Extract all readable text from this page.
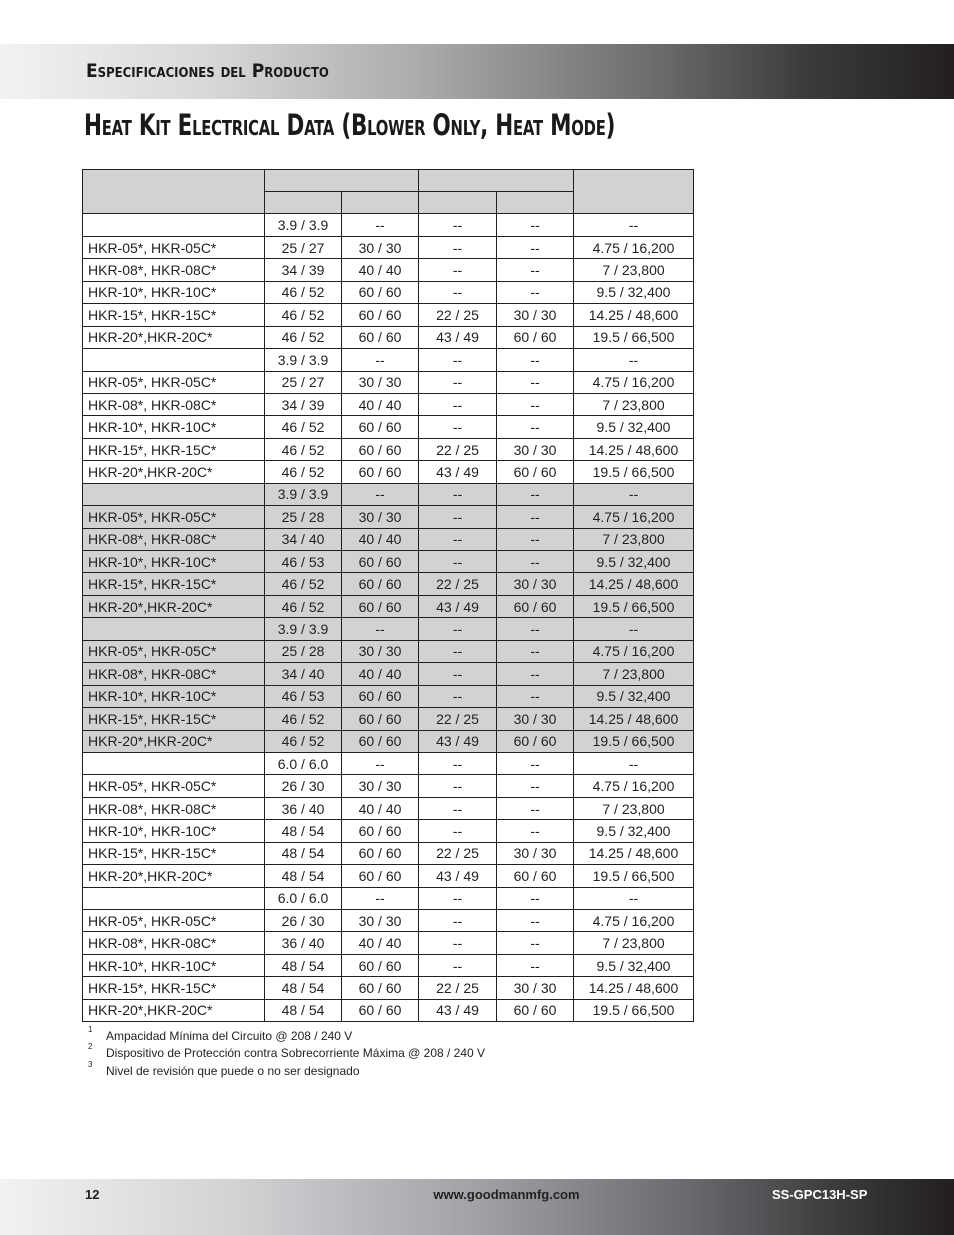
Especificaciones del Producto
Heat Kit Electrical Data (Blower Only, Heat Mode)

	3.9 / 3.9	--	--	--	--
HKR-05*, HKR-05C*	25 / 27	30 / 30	--	--	4.75 / 16,200
HKR-08*, HKR-08C*	34 / 39	40 / 40	--	--	7 / 23,800
HKR-10*, HKR-10C*	46 / 52	60 / 60	--	--	9.5 / 32,400
HKR-15*, HKR-15C*	46 / 52	60 / 60	22 / 25	30 / 30	14.25 / 48,600
HKR-20*,HKR-20C*	46 / 52	60 / 60	43 / 49	60 / 60	19.5 / 66,500
	3.9 / 3.9	--	--	--	--
HKR-05*, HKR-05C*	25 / 27	30 / 30	--	--	4.75 / 16,200
HKR-08*, HKR-08C*	34 / 39	40 / 40	--	--	7 / 23,800
HKR-10*, HKR-10C*	46 / 52	60 / 60	--	--	9.5 / 32,400
HKR-15*, HKR-15C*	46 / 52	60 / 60	22 / 25	30 / 30	14.25 / 48,600
HKR-20*,HKR-20C*	46 / 52	60 / 60	43 / 49	60 / 60	19.5 / 66,500
	3.9 / 3.9	--	--	--	--
HKR-05*, HKR-05C*	25 / 28	30 / 30	--	--	4.75 / 16,200
HKR-08*, HKR-08C*	34 / 40	40 / 40	--	--	7 / 23,800
HKR-10*, HKR-10C*	46 / 53	60 / 60	--	--	9.5 / 32,400
HKR-15*, HKR-15C*	46 / 52	60 / 60	22 / 25	30 / 30	14.25 / 48,600
HKR-20*,HKR-20C*	46 / 52	60 / 60	43 / 49	60 / 60	19.5 / 66,500
	3.9 / 3.9	--	--	--	--
HKR-05*, HKR-05C*	25 / 28	30 / 30	--	--	4.75 / 16,200
HKR-08*, HKR-08C*	34 / 40	40 / 40	--	--	7 / 23,800
HKR-10*, HKR-10C*	46 / 53	60 / 60	--	--	9.5 / 32,400
HKR-15*, HKR-15C*	46 / 52	60 / 60	22 / 25	30 / 30	14.25 / 48,600
HKR-20*,HKR-20C*	46 / 52	60 / 60	43 / 49	60 / 60	19.5 / 66,500
	6.0 / 6.0	--	--	--	--
HKR-05*, HKR-05C*	26 / 30	30 / 30	--	--	4.75 / 16,200
HKR-08*, HKR-08C*	36 / 40	40 / 40	--	--	7 / 23,800
HKR-10*, HKR-10C*	48 / 54	60 / 60	--	--	9.5 / 32,400
HKR-15*, HKR-15C*	48 / 54	60 / 60	22 / 25	30 / 30	14.25 / 48,600
HKR-20*,HKR-20C*	48 / 54	60 / 60	43 / 49	60 / 60	19.5 / 66,500
	6.0 / 6.0	--	--	--	--
HKR-05*, HKR-05C*	26 / 30	30 / 30	--	--	4.75 / 16,200
HKR-08*, HKR-08C*	36 / 40	40 / 40	--	--	7 / 23,800
HKR-10*, HKR-10C*	48 / 54	60 / 60	--	--	9.5 / 32,400
HKR-15*, HKR-15C*	48 / 54	60 / 60	22 / 25	30 / 30	14.25 / 48,600
HKR-20*,HKR-20C*	48 / 54	60 / 60	43 / 49	60 / 60	19.5 / 66,500
1 Ampacidad Mínima del Circuito @ 208 / 240 V
2 Dispositivo de Protección contra Sobrecorriente Máxima @ 208 / 240 V
3 Nivel de revisión que puede o no ser designado
12	www.goodmanmfg.com	SS-GPC13H-SP
